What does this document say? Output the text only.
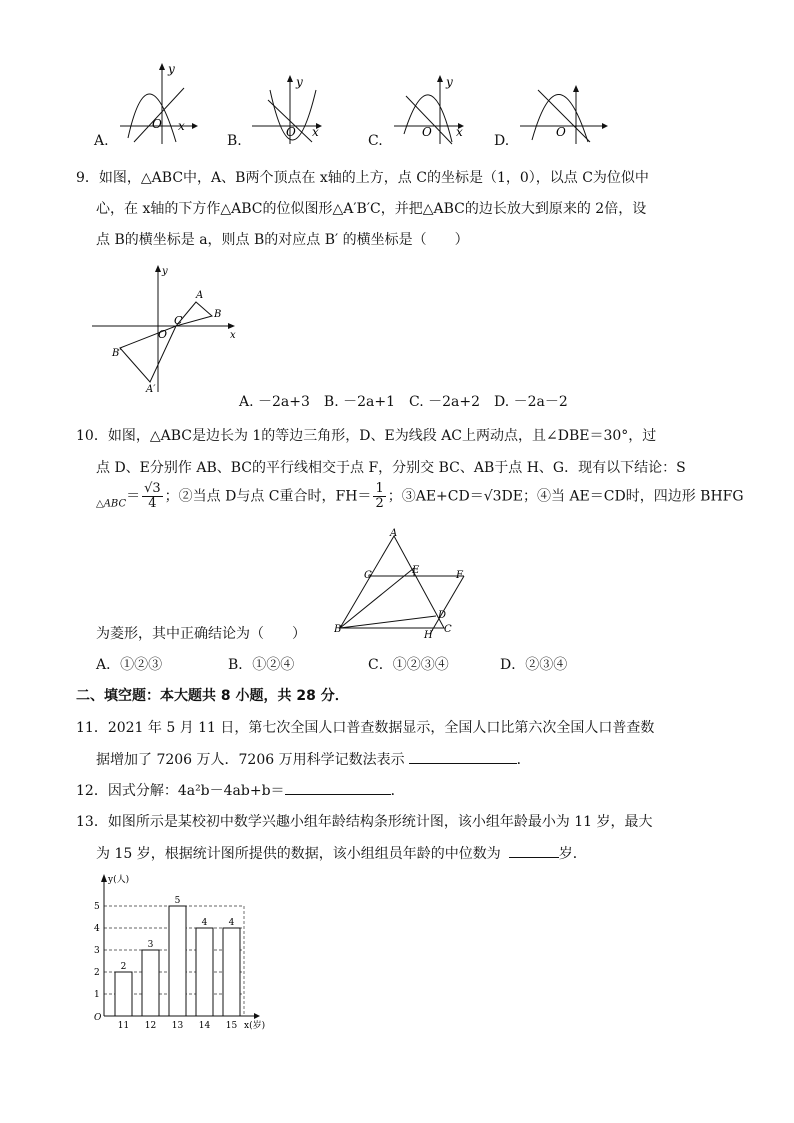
A.
y
x
O
B.
y
x
O
C.
y
x
O
D.
O
9．如图，△ABC中，A、B两个顶点在 x轴的上方，点 C的坐标是（1，0），以点 C为位似中
心，在 x轴的下方作△ABC的位似图形△A′B′C，并把△ABC的边长放大到原来的 2倍，设
点 B的横坐标是 a，则点 B的对应点 B′ 的横坐标是（　　）
y
x
O
C
A
B
B′
A′
A. －2a+3　B. －2a+1　C. －2a+2　D. －2a－2
10．如图，△ABC是边长为 1的等边三角形，D、E为线段 AC上两动点，且∠DBE＝30°，过
点 D、E分别作 AB、BC的平行线相交于点 F，分别交 BC、AB于点 H、G．现有以下结论：S
$_{\triangle ABC}= \frac{√3}{4}$ ；②当点 D与点 C重合时，$FH= \frac{1}{2}$ ；③AE+CD＝√3DE；④当 AE＝CD时，四边形 BHFG
A
G	E	F
D
C
B
H
为菱形，其中正确结论为（　　）
A．①②③	B．①②④	C．①②③④	D．②③④
二、填空题：本大题共 8 小题，共 28 分．
11．2021 年 5 月 11 日，第七次全国人口普查数据显示，全国人口比第六次全国人口普查数
据增加了 7206 万人．7206 万用科学记数法表示	．
12．因式分解：4a²b－4ab+b＝	．
13．如图所示是某校初中数学兴趣小组年龄结构条形统计图，该小组年龄最小为 11 岁，最大
为 15 岁，根据统计图所提供的数据，该小组组员年龄的中位数为	岁．
1
2
3
4
5
2
11
3
12
5
13
4
14
4
15
y(人)
x(岁)
O
